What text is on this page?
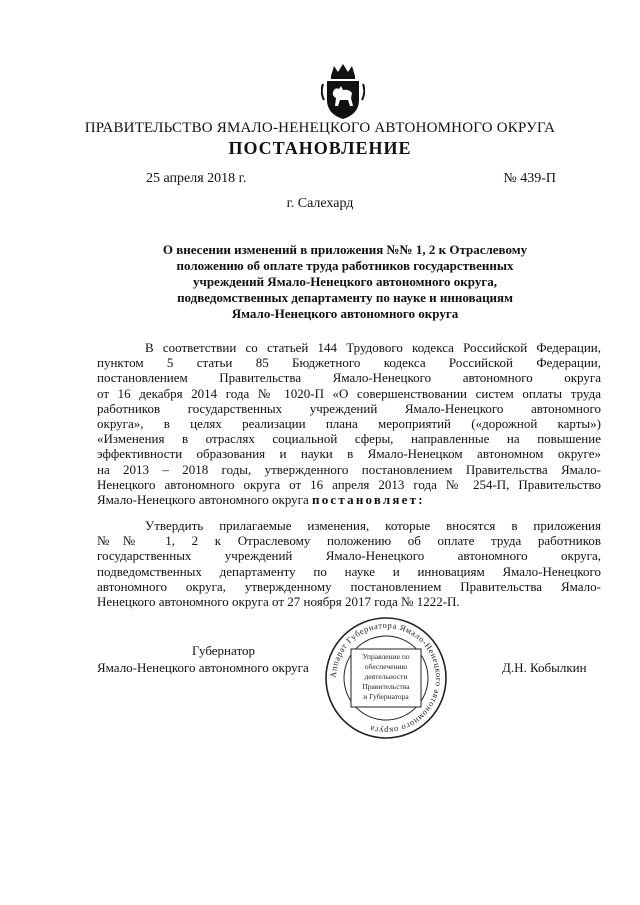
ПРАВИТЕЛЬСТВО ЯМАЛО-НЕНЕЦКОГО АВТОНОМНОГО ОКРУГА
ПОСТАНОВЛЕНИЕ
25 апреля 2018 г.	№ 439-П
г. Салехард
О внесении изменений в приложения №№ 1, 2 к Отраслевому
положению об оплате труда работников государственных
учреждений Ямало-Ненецкого автономного округа,
подведомственных департаменту по науке и инновациям
Ямало-Ненецкого автономного округа
В соответствии со статьей 144 Трудового кодекса Российской Федерации,
пунктом 5 статьи 85 Бюджетного кодекса Российской Федерации,
постановлением Правительства Ямало-Ненецкого автономного округа
от 16 декабря 2014 года № 1020-П «О совершенствовании систем оплаты труда
работников государственных учреждений Ямало-Ненецкого автономного
округа», в целях реализации плана мероприятий («дорожной карты»)
«Изменения в отраслях социальной сферы, направленные на повышение
эффективности образования и науки в Ямало-Ненецком автономном округе»
на 2013 – 2018 годы, утвержденного постановлением Правительства Ямало-
Ненецкого автономного округа от 16 апреля 2013 года № 254-П, Правительство
Ямало-Ненецкого автономного округа постановляет:
Утвердить прилагаемые изменения, которые вносятся в приложения
№№ 1, 2 к Отраслевому положению об оплате труда работников
государственных учреждений Ямало-Ненецкого автономного округа,
подведомственных департаменту по науке и инновациям Ямало-Ненецкого
автономного округа, утвержденному постановлением Правительства Ямало-
Ненецкого автономного округа от 27 ноября 2017 года № 1222-П.
Губернатор
Ямало-Ненецкого автономного округа	Д.Н. Кобылкин
Аппарат Губернатора Ямало-Ненецкого автономного округа
Управление по
обеспечению
деятельности
Правительства
и Губернатора
